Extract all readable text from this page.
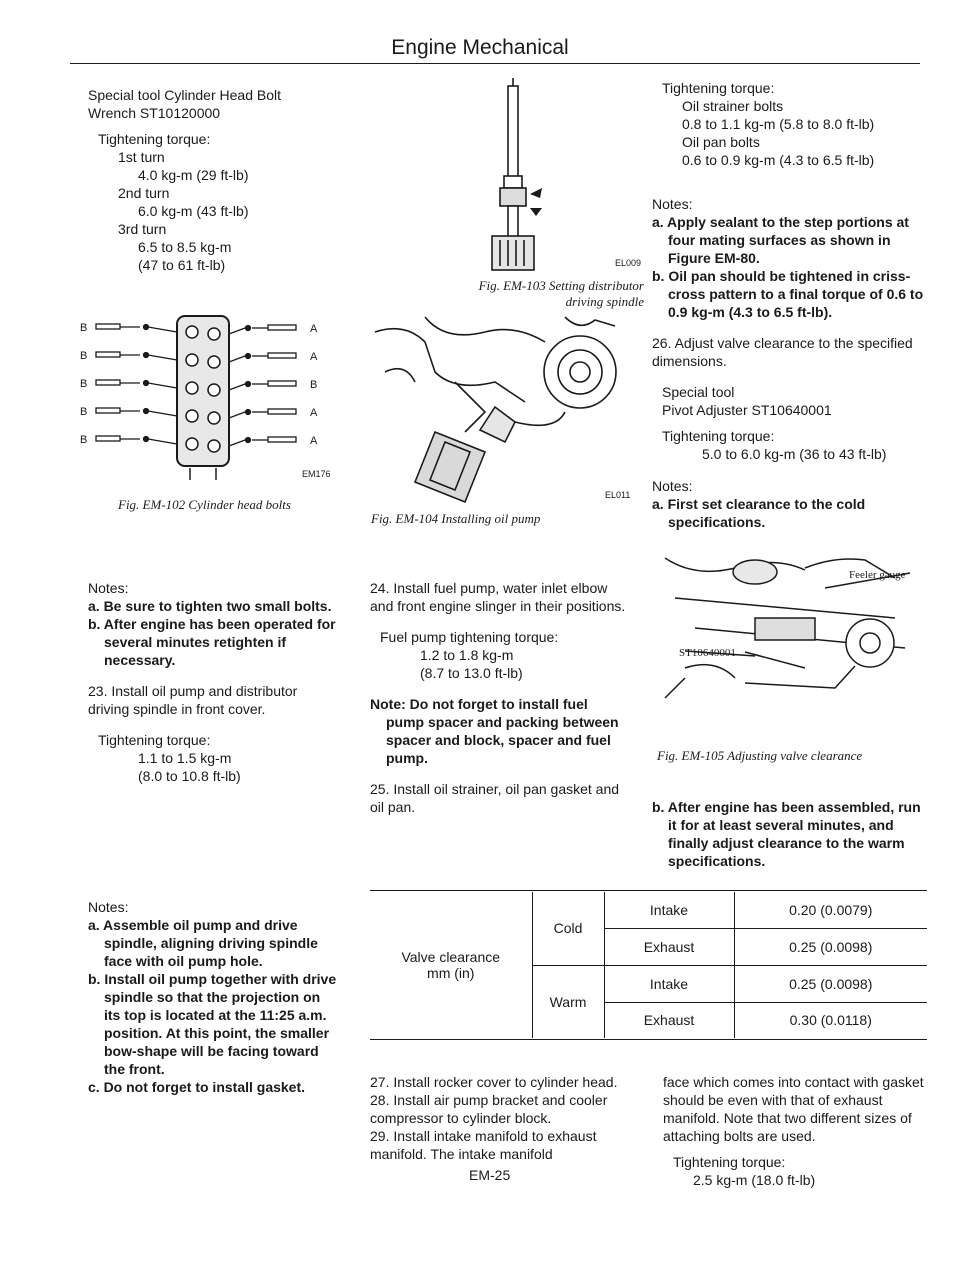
Engine Mechanical

Special tool Cylinder Head Bolt

Wrench ST10120000

Tightening torque:

1st turn

4.0 kg-m (29 ft-lb)

2nd turn

6.0 kg-m (43 ft-lb)

3rd turn

6.5 to 8.5 kg-m

(47 to 61 ft-lb)

B
B
B
B
B
A
A
B
A
A
EM176
Fig. EM-102 Cylinder head bolts

Notes:

a. Be sure to tighten two small bolts.

b. After engine has been operated for several minutes retighten if necessary.

23. Install oil pump and distributor driving spindle in front cover.

Tightening torque:

1.1 to 1.5 kg-m

(8.0 to 10.8 ft-lb)

Notes:

a. Assemble oil pump and drive spindle, aligning driving spindle face with oil pump hole.

b. Install oil pump together with drive spindle so that the projection on its top is located at the 11:25 a.m. position. At this point, the smaller bow-shape will be facing toward the front.

c. Do not forget to install gasket.

EL009
Fig. EM-103 Setting distributor
driving spindle
EL011
Fig. EM-104 Installing oil pump

24. Install fuel pump, water inlet elbow and front engine slinger in their positions.

Fuel pump tightening torque:

1.2 to 1.8 kg-m

(8.7 to 13.0 ft-lb)

Note: Do not forget to install fuel pump spacer and packing between spacer and block, spacer and fuel pump.

25. Install oil strainer, oil pan gasket and oil pan.

Tightening torque:

Oil strainer bolts

0.8 to 1.1 kg-m (5.8 to 8.0 ft-lb)

Oil pan bolts

0.6 to 0.9 kg-m (4.3 to 6.5 ft-lb)

Notes:

a. Apply sealant to the step portions at four mating surfaces as shown in Figure EM-80.

b. Oil pan should be tightened in criss-cross pattern to a final torque of 0.6 to 0.9 kg-m (4.3 to 6.5 ft-lb).

26. Adjust valve clearance to the specified dimensions.

Special tool

Pivot Adjuster ST10640001

Tightening torque:

5.0 to 6.0 kg-m (36 to 43 ft-lb)

Notes:

a. First set clearance to the cold specifications.

Feeler gauge
ST10640001
Fig. EM-105 Adjusting valve clearance

b. After engine has been assembled, run it for at least several minutes, and finally adjust clearance to the warm specifications.

Valve clearance
mm (in)	Cold	Intake	0.20 (0.0079)
		Exhaust	0.25 (0.0098)
	Warm	Intake	0.25 (0.0098)
		Exhaust	0.30 (0.0118)
27. Install rocker cover to cylinder head.
28. Install air pump bracket and cooler compressor to cylinder block.
29. Install intake manifold to exhaust manifold. The intake manifold

face which comes into contact with gasket should be even with that of exhaust manifold. Note that two different sizes of attaching bolts are used.

Tightening torque:

2.5 kg-m (18.0 ft-lb)

EM-25
